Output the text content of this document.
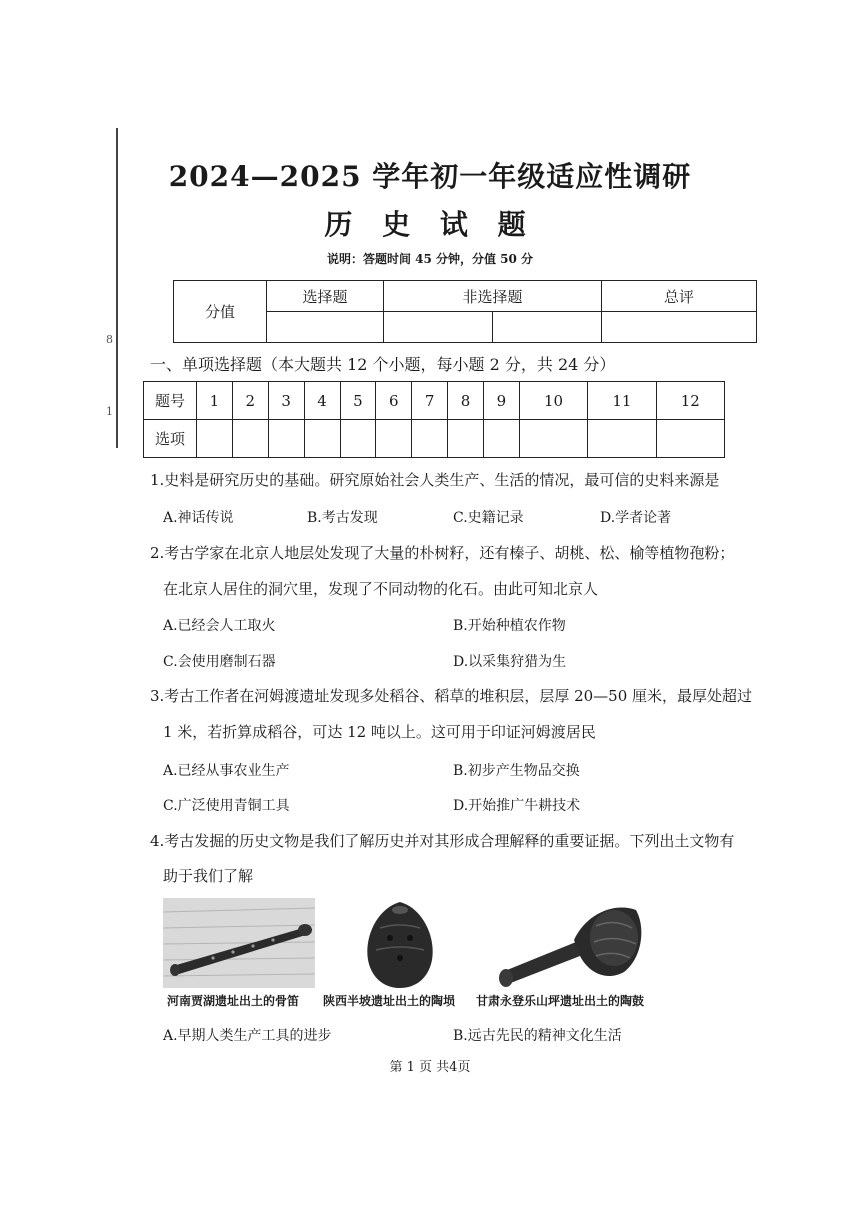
8
1
2024—2025 学年初一年级适应性调研
历 史 试 题
说明：答题时间 45 分钟，分值 50 分
分值	选择题	非选择题		总评

一、单项选择题（本大题共 12 个小题，每小题 2 分，共 24 分）
题号	1	2	3	4	5	6	7	8	9	10	11	12
选项												
1.史料是研究历史的基础。研究原始社会人类生产、生活的情况，最可信的史料来源是
A.神话传说	B.考古发现	C.史籍记录	D.学者论著
2.考古学家在北京人地层处发现了大量的朴树籽，还有榛子、胡桃、松、榆等植物孢粉；
在北京人居住的洞穴里，发现了不同动物的化石。由此可知北京人
A.已经会人工取火	B.开始种植农作物
C.会使用磨制石器	D.以采集狩猎为生
3.考古工作者在河姆渡遗址发现多处稻谷、稻草的堆积层，层厚 20—50 厘米，最厚处超过
1 米，若折算成稻谷，可达 12 吨以上。这可用于印证河姆渡居民
A.已经从事农业生产	B.初步产生物品交换
C.广泛使用青铜工具	D.开始推广牛耕技术
4.考古发掘的历史文物是我们了解历史并对其形成合理解释的重要证据。下列出土文物有
助于我们了解
河南贾湖遗址出土的骨笛 陕西半坡遗址出土的陶埙 甘肃永登乐山坪遗址出土的陶鼓
A.早期人类生产工具的进步	B.远古先民的精神文化生活
第 1 页 共4页
